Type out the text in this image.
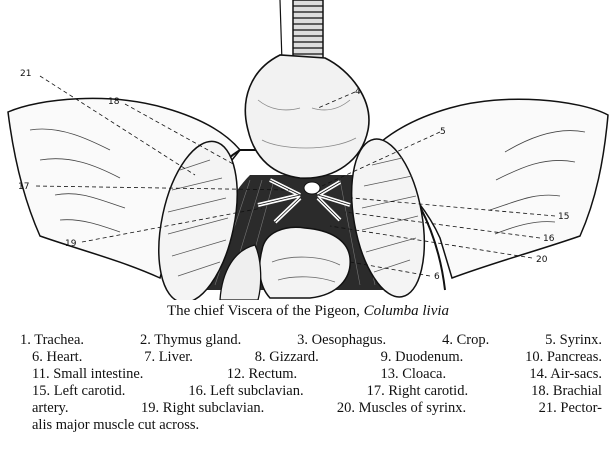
21
18
4
5
17
15
16
19
20
6
The chief Viscera of the Pigeon, Columba livia
1. Trachea.	2. Thymus gland.	3. Oesophagus.	4. Crop.	5. Syrinx.
6. Heart.	7. Liver.	8. Gizzard.	9. Duodenum.	10. Pancreas.
11. Small intestine.	12. Rectum.	13. Cloaca.	14. Air-sacs.
15. Left carotid.	16. Left subclavian.	17. Right carotid.	18. Brachial
artery.	19. Right subclavian.	20. Muscles of syrinx.	21. Pector-
alis major muscle cut across.
